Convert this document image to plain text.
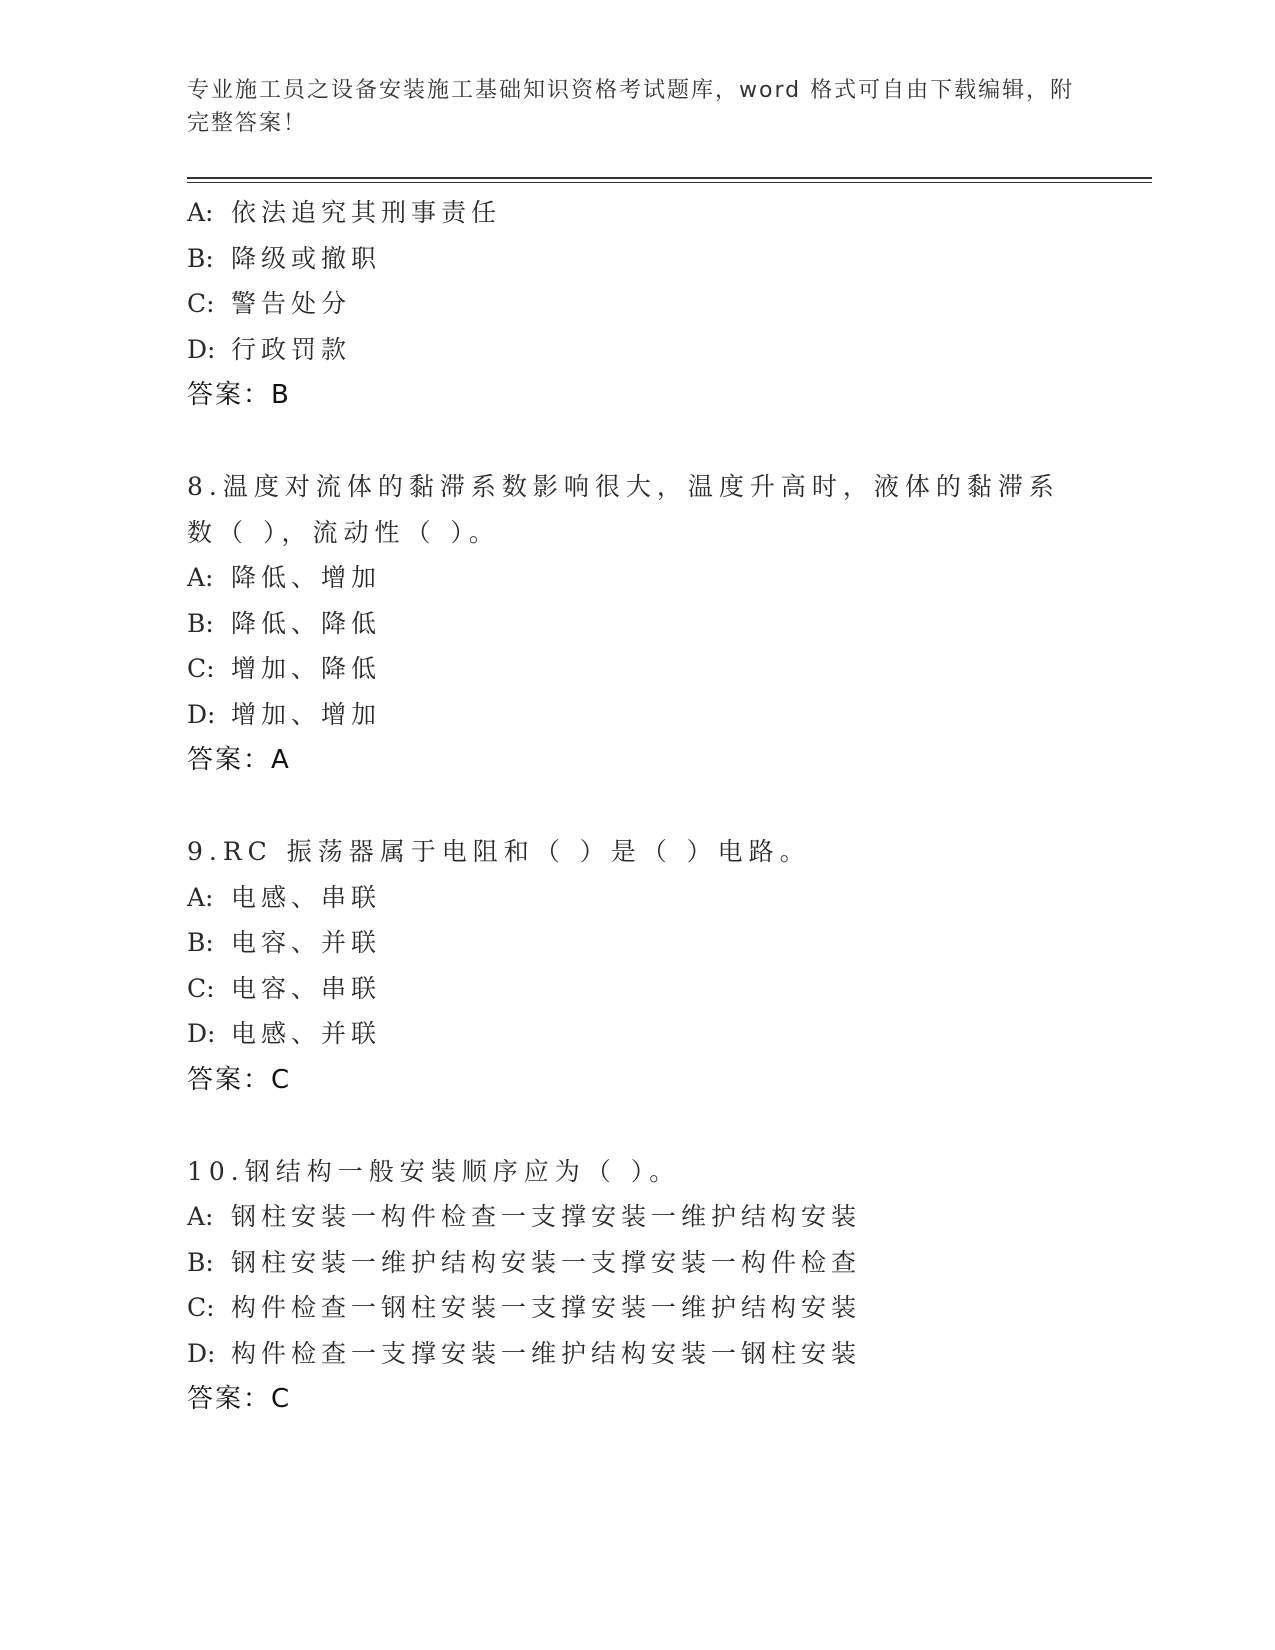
专业施工员之设备安装施工基础知识资格考试题库，word 格式可自由下载编辑，附完整答案！
A: 依法追究其刑事责任
B: 降级或撤职
C: 警告处分
D: 行政罚款
答案：B
8.温度对流体的黏滞系数影响很大，温度升高时，液体的黏滞系数（ ），流动性（ ）。
A: 降低、增加
B: 降低、降低
C: 增加、降低
D: 增加、增加
答案：A
9.RC 振荡器属于电阻和（ ）是（ ）电路。
A: 电感、串联
B: 电容、并联
C: 电容、串联
D: 电感、并联
答案：C
10.钢结构一般安装顺序应为（ ）。
A: 钢柱安装一构件检查一支撑安装一维护结构安装
B: 钢柱安装一维护结构安装一支撑安装一构件检查
C: 构件检查一钢柱安装一支撑安装一维护结构安装
D: 构件检查一支撑安装一维护结构安装一钢柱安装
答案：C
